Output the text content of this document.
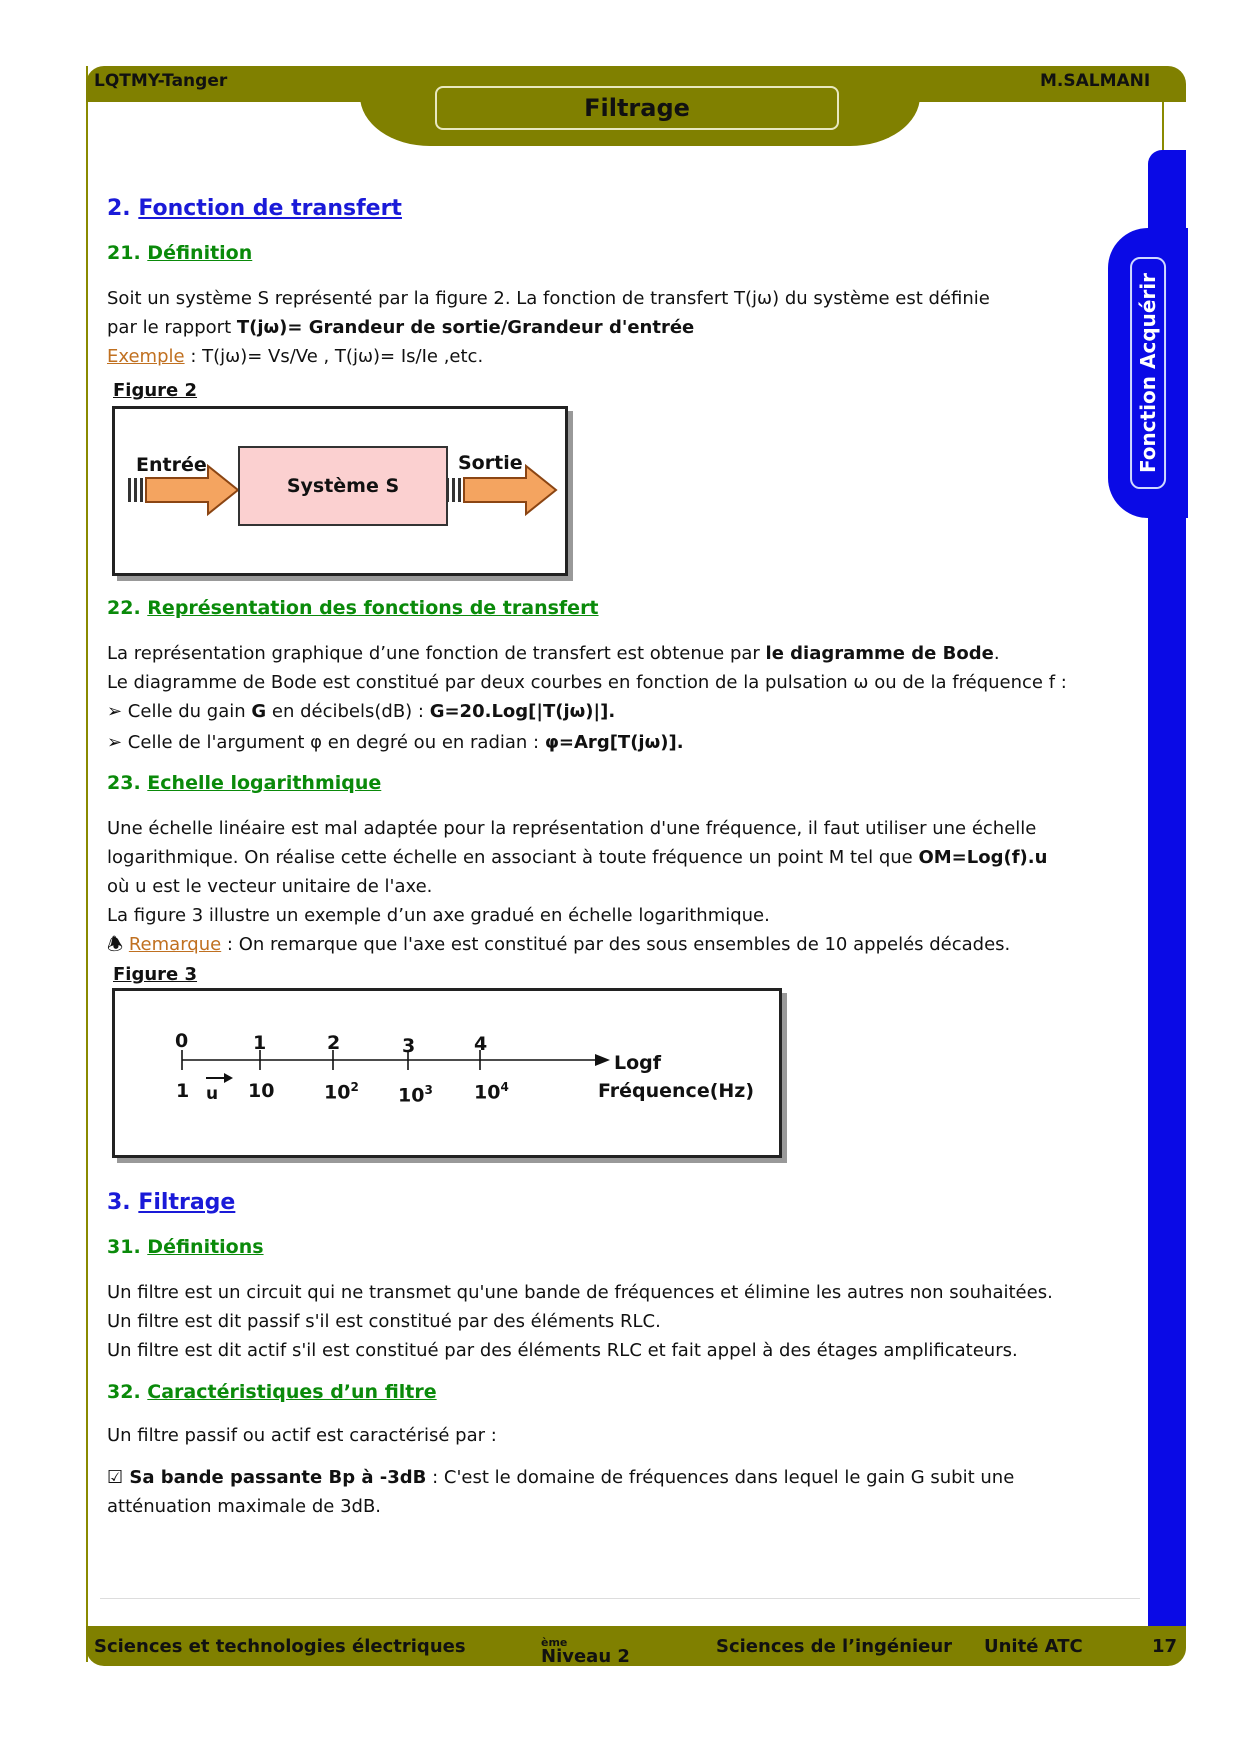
Fonction Acquérir
Filtrage
LQTMY-Tanger	M.SALMANI
2. Fonction de transfert
21. Définition
Soit un système S représenté par la figure 2. La fonction de transfert T(jω) du système est définie
par le rapport T(jω)= Grandeur de sortie/Grandeur d'entrée
Exemple : T(jω)= Vs/Ve , T(jω)= Is/Ie ,etc.
Figure 2
Entrée	Sortie
Système S
22. Représentation des fonctions de transfert
La représentation graphique d’une fonction de transfert est obtenue par le diagramme de Bode.
Le diagramme de Bode est constitué par deux courbes en fonction de la pulsation ω ou de la fréquence f :
➢ Celle du gain G en décibels(dB) : G=20.Log[|T(jω)|].
➢ Celle de l'argument φ en degré ou en radian : φ=Arg[T(jω)].
23. Echelle logarithmique
Une échelle linéaire est mal adaptée pour la représentation d'une fréquence, il faut utiliser une échelle
logarithmique. On réalise cette échelle en associant à toute fréquence un point M tel que OM=Log(f).u
où u est le vecteur unitaire de l'axe.
La figure 3 illustre un exemple d’un axe gradué en échelle logarithmique.
🕭 Remarque : On remarque que l'axe est constitué par des sous ensembles de 10 appelés décades.
Figure 3
0	1	2	3	4
1 u 10	$10^2$ $10^3$ $10^4$
Logf
Fréquence(Hz)
3. Filtrage
31. Définitions
Un filtre est un circuit qui ne transmet qu'une bande de fréquences et élimine les autres non souhaitées.
Un filtre est dit passif s'il est constitué par des éléments RLC.
Un filtre est dit actif s'il est constitué par des éléments RLC et fait appel à des étages amplificateurs.
32. Caractéristiques d’un filtre
Un filtre passif ou actif est caractérisé par :
☑ Sa bande passante Bp à -3dB : C'est le domaine de fréquences dans lequel le gain G subit une
atténuation maximale de 3dB.
Sciences et technologies électriques	Niveau 2
$^{ème}$	Sciences de l’ingénieur Unité ATC	17
